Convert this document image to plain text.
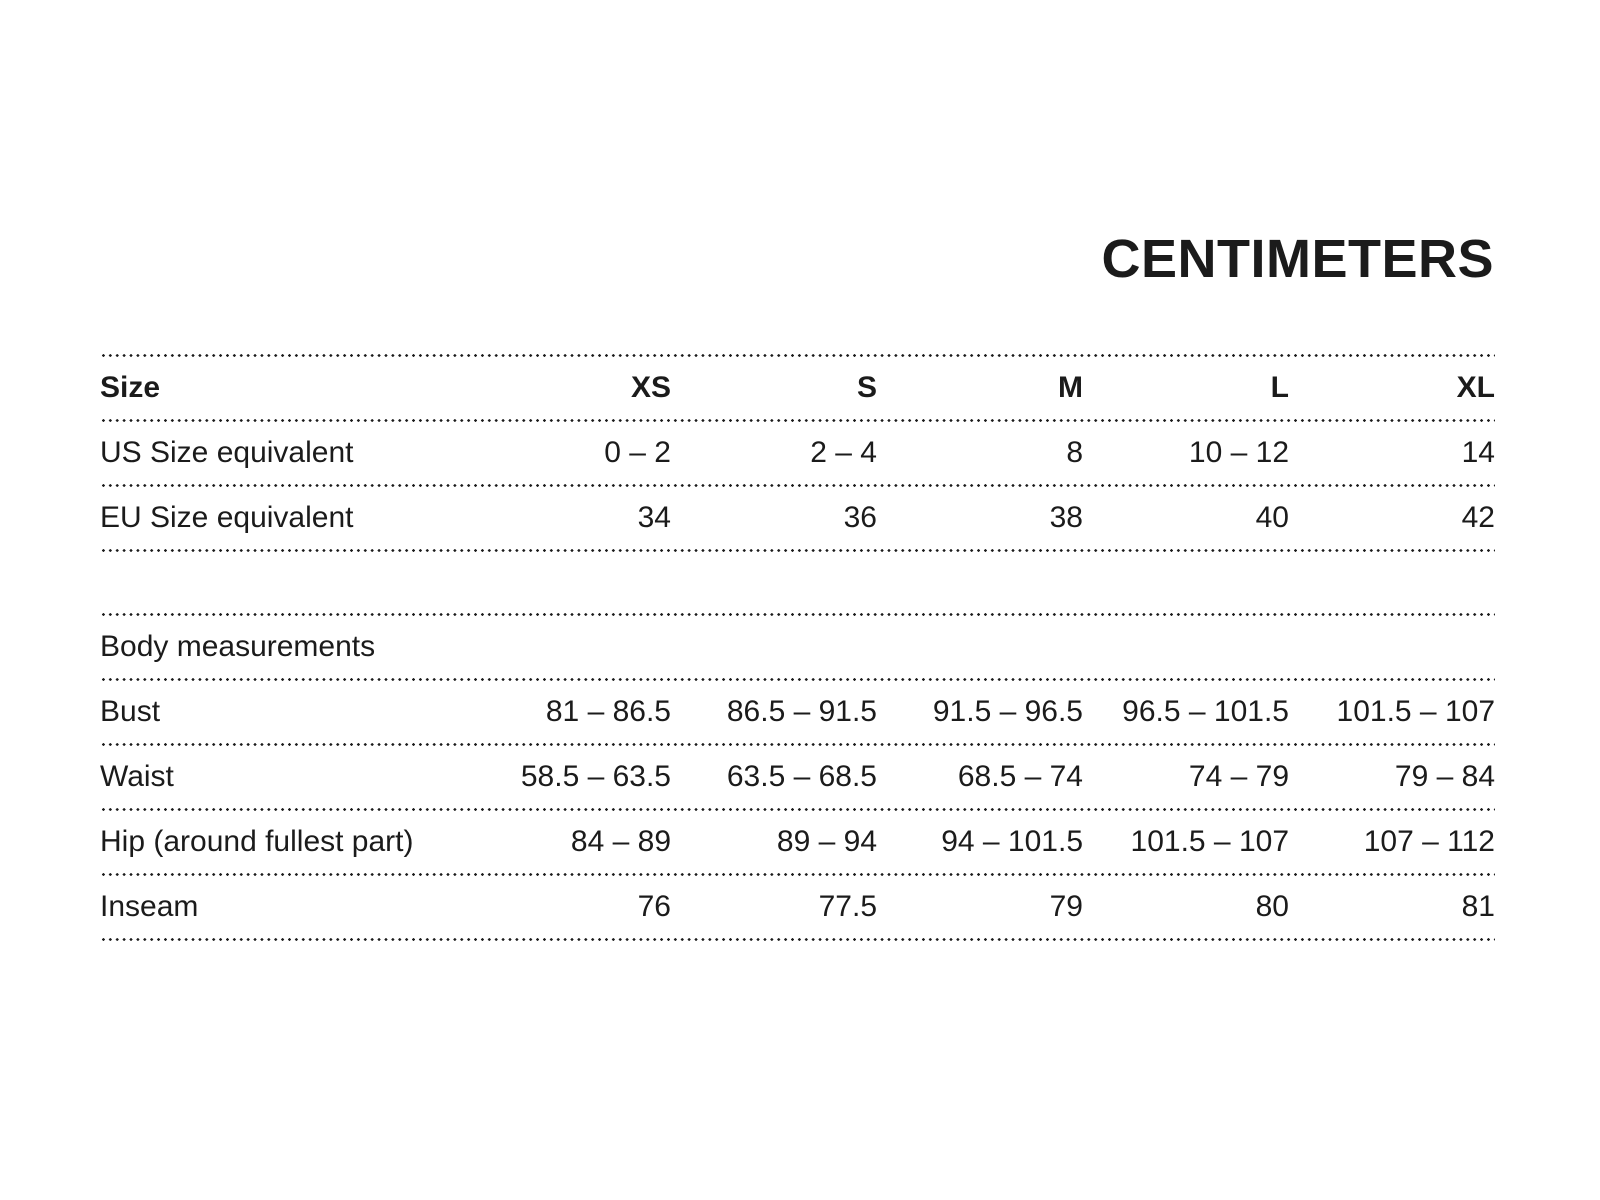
CENTIMETERS
Size	XS	S	M	L	XL
US Size equivalent	0 – 2	2 – 4	8	10 – 12	14
EU Size equivalent	34	36	38	40	42
Body measurements
Bust	81 – 86.5	86.5 – 91.5	91.5 – 96.5	96.5 – 101.5	101.5 – 107
Waist	58.5 – 63.5	63.5 – 68.5	68.5 – 74	74 – 79	79 – 84
Hip (around fullest part)	84 – 89	89 – 94	94 – 101.5	101.5 – 107	107 – 112
Inseam	76	77.5	79	80	81
